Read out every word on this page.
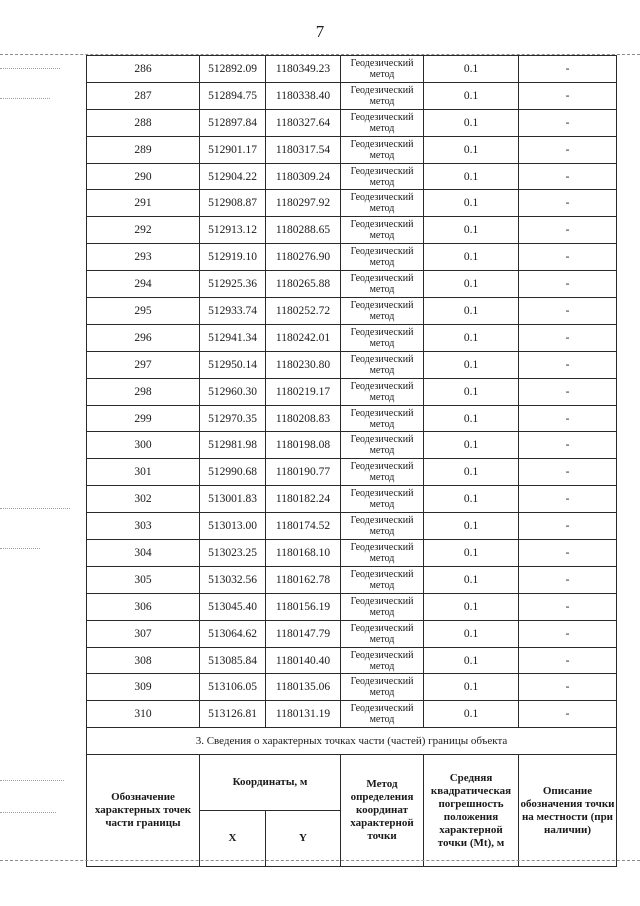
7
286	512892.09	1180349.23	Геодезический метод	0.1	-
287	512894.75	1180338.40	Геодезический метод	0.1	-
288	512897.84	1180327.64	Геодезический метод	0.1	-
289	512901.17	1180317.54	Геодезический метод	0.1	-
290	512904.22	1180309.24	Геодезический метод	0.1	-
291	512908.87	1180297.92	Геодезический метод	0.1	-
292	512913.12	1180288.65	Геодезический метод	0.1	-
293	512919.10	1180276.90	Геодезический метод	0.1	-
294	512925.36	1180265.88	Геодезический метод	0.1	-
295	512933.74	1180252.72	Геодезический метод	0.1	-
296	512941.34	1180242.01	Геодезический метод	0.1	-
297	512950.14	1180230.80	Геодезический метод	0.1	-
298	512960.30	1180219.17	Геодезический метод	0.1	-
299	512970.35	1180208.83	Геодезический метод	0.1	-
300	512981.98	1180198.08	Геодезический метод	0.1	-
301	512990.68	1180190.77	Геодезический метод	0.1	-
302	513001.83	1180182.24	Геодезический метод	0.1	-
303	513013.00	1180174.52	Геодезический метод	0.1	-
304	513023.25	1180168.10	Геодезический метод	0.1	-
305	513032.56	1180162.78	Геодезический метод	0.1	-
306	513045.40	1180156.19	Геодезический метод	0.1	-
307	513064.62	1180147.79	Геодезический метод	0.1	-
308	513085.84	1180140.40	Геодезический метод	0.1	-
309	513106.05	1180135.06	Геодезический метод	0.1	-
310	513126.81	1180131.19	Геодезический метод	0.1	-
3. Сведения о характерных точках части (частей) границы объекта					
Обозначение характерных точек части границы	Координаты, м		Метод определения координат характерной точки	Средняя квадратическая погрешность положения характерной точки (Mt), м	Описание обозначения точки на местности (при наличии)
	X	Y			
